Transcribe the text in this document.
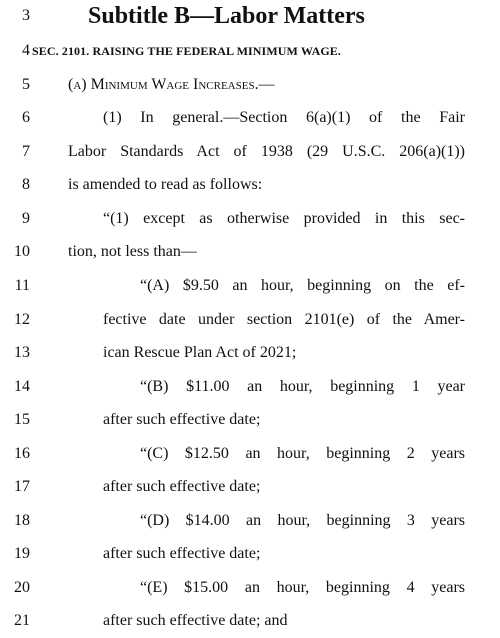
3 Subtitle B—Labor Matters
4 SEC. 2101. RAISING THE FEDERAL MINIMUM WAGE.
5 (a) Minimum Wage Increases.—
6	(1) In general.—Section 6(a)(1) of the Fair
7 Labor Standards Act of 1938 (29 U.S.C. 206(a)(1))
8 is amended to read as follows:
9	“(1) except as otherwise provided in this sec-
10 tion, not less than—
11	“(A) $9.50 an hour, beginning on the ef-
12	fective date under section 2101(e) of the Amer-
13	ican Rescue Plan Act of 2021;
14	“(B) $11.00 an hour, beginning 1 year
15	after such effective date;
16	“(C) $12.50 an hour, beginning 2 years
17	after such effective date;
18	“(D) $14.00 an hour, beginning 3 years
19	after such effective date;
20	“(E) $15.00 an hour, beginning 4 years
21	after such effective date; and
